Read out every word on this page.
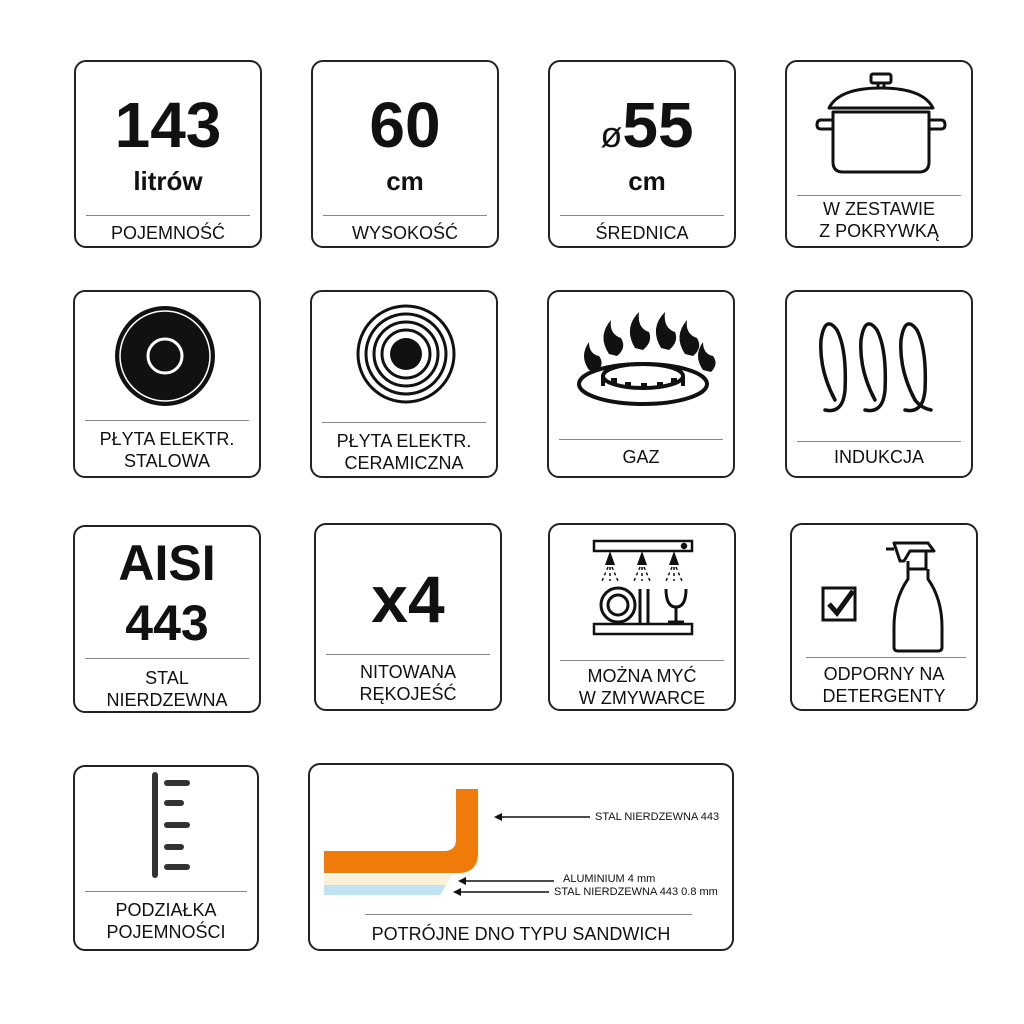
143
litrów
POJEMNOŚĆ
60
cm
WYSOKOŚĆ
ø55
cm
ŚREDNICA
W ZESTAWIE
Z POKRYWKĄ
PŁYTA ELEKTR.
STALOWA
PŁYTA ELEKTR.
CERAMICZNA	GAZ	INDUKCJA
AISI
443
STAL
NIERDZEWNA
x4
NITOWANA
RĘKOJEŚĆ
MOŻNA MYĆ
W ZMYWARCE
ODPORNY NA
DETERGENTY
PODZIAŁKA
POJEMNOŚCI
STAL NIERDZEWNA 443
ALUMINIUM 4 mm
STAL NIERDZEWNA 443 0.8 mm
POTRÓJNE DNO TYPU SANDWICH
